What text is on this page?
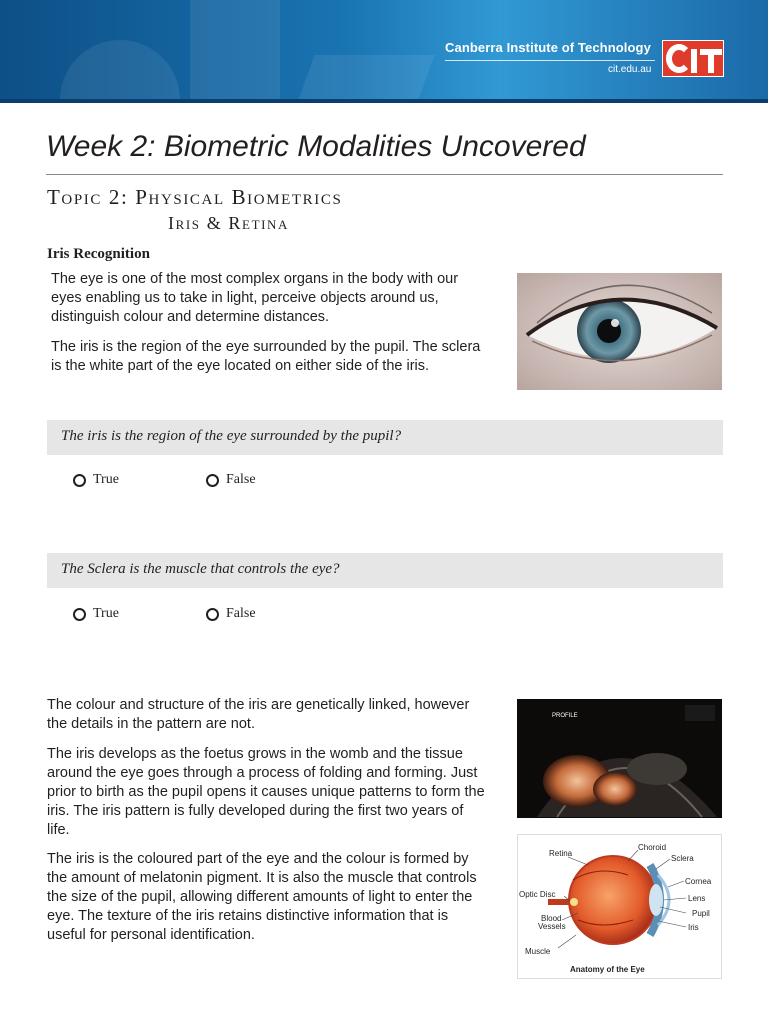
Canberra Institute of Technology
cit.edu.au
Week 2: Biometric Modalities Uncovered
Topic 2: Physical Biometrics
Iris & Retina
Iris Recognition

The eye is one of the most complex organs in the body with our eyes enabling us to take in light, perceive objects around us, distinguish colour and determine distances.

The iris is the region of the eye surrounded by the pupil. The sclera is the white part of the eye located on either side of the iris.

The iris is the region of the eye surrounded by the pupil?
True	False
The Sclera is the muscle that controls the eye?
True	False

The colour and structure of the iris are genetically linked, however the details in the pattern are not.

The iris develops as the foetus grows in the womb and the tissue around the eye goes through a process of folding and forming. Just prior to birth as the pupil opens it causes unique patterns to form the iris. The iris pattern is fully developed during the first two years of life.

The iris is the coloured part of the eye and the colour is formed by the amount of melatonin pigment. It is also the muscle that controls the size of the pupil, allowing different amounts of light to enter the eye. The texture of the iris retains distinctive information that is useful for personal identification.

PROFILE
Retina
Choroid
Sclera
Cornea
Lens
Pupil
Iris
Optic Disc
Blood
Vessels
Muscle
Anatomy of the Eye
